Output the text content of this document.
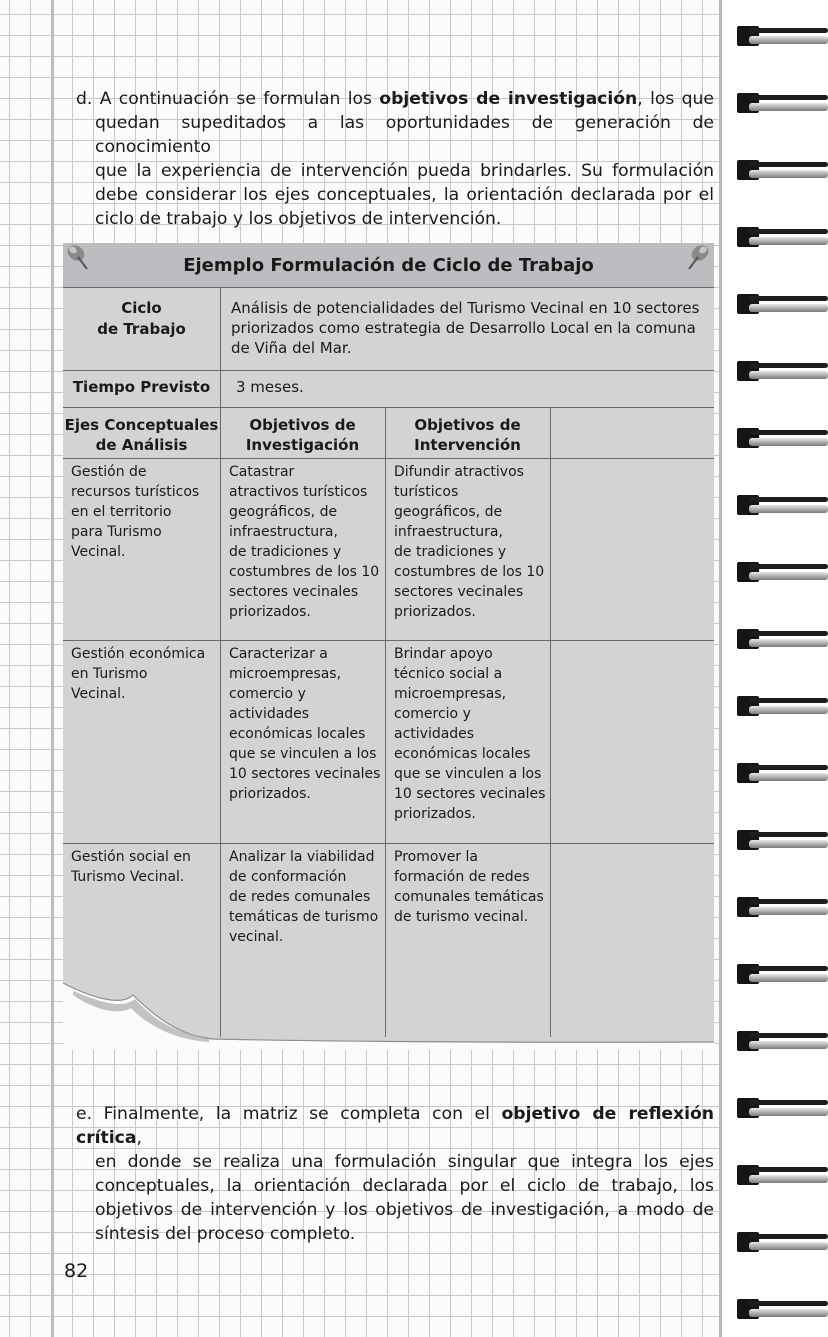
d. A continuación se formulan los objetivos de investigación, los que
quedan supeditados a las oportunidades de generación de conocimiento
que la experiencia de intervención pueda brindarles. Su formulación
debe considerar los ejes conceptuales, la orientación declarada por el
ciclo de trabajo y los objetivos de intervención.
Ejemplo Formulación de Ciclo de Trabajo
Ciclo
de Trabajo
Análisis de potencialidades del Turismo Vecinal en 10 sectores
priorizados como estrategia de Desarrollo Local en la comuna
de Viña del Mar.
Tiempo Previsto	3 meses.
Ejes Conceptuales
de Análisis
Objetivos de
Investigación
Objetivos de
Intervención
Gestión de
recursos turísticos
en el territorio
para Turismo
Vecinal.
Catastrar
atractivos turísticos
geográficos, de
infraestructura,
de tradiciones y
costumbres de los 10
sectores vecinales
priorizados.
Difundir atractivos
turísticos
geográficos, de
infraestructura,
de tradiciones y
costumbres de los 10
sectores vecinales
priorizados.
Gestión económica
en Turismo
Vecinal.
Caracterizar a
microempresas,
comercio y
actividades
económicas locales
que se vinculen a los
10 sectores vecinales
priorizados.
Brindar apoyo
técnico social a
microempresas,
comercio y
actividades
económicas locales
que se vinculen a los
10 sectores vecinales
priorizados.
Gestión social en
Turismo Vecinal.
Analizar la viabilidad
de conformación
de redes comunales
temáticas de turismo
vecinal.
Promover la
formación de redes
comunales temáticas
de turismo vecinal.
e. Finalmente, la matriz se completa con el objetivo de reflexión crítica,
en donde se realiza una formulación singular que integra los ejes
conceptuales, la orientación declarada por el ciclo de trabajo, los
objetivos de intervención y los objetivos de investigación, a modo de
síntesis del proceso completo.
82
